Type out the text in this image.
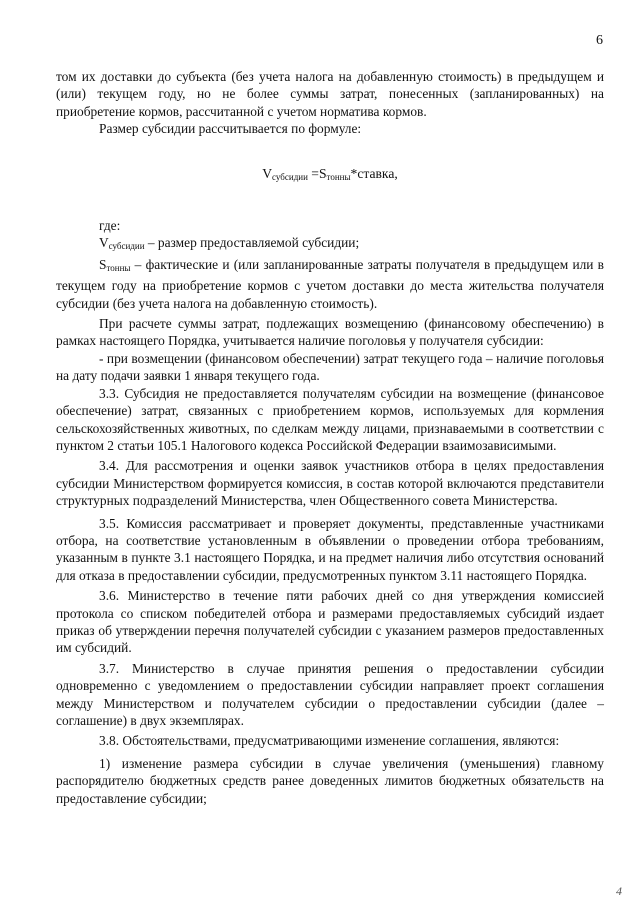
6

том их доставки до субъекта (без учета налога на добавленную стоимость) в предыдущем и (или) текущем году, но не более суммы затрат, понесенных (запланированных) на приобретение кормов, рассчитанной с учетом норматива кормов.

Размер субсидии рассчитывается по формуле:

$V_{субсидии}$ $=S_{тонны}*ставка$,

где:

$V_{субсидии}$ – размер предоставляемой субсидии;

$S_{тонны}$ – фактические и (или запланированные затраты получателя в предыдущем или в текущем году на приобретение кормов с учетом доставки до места жительства получателя субсидии (без учета налога на добавленную стоимость).

При расчете суммы затрат, подлежащих возмещению (финансовому обеспечению) в рамках настоящего Порядка, учитывается наличие поголовья у получателя субсидии:

- при возмещении (финансовом обеспечении) затрат текущего года – наличие поголовья на дату подачи заявки 1 января текущего года.

3.3. Субсидия не предоставляется получателям субсидии на возмещение (финансовое обеспечение) затрат, связанных с приобретением кормов, используемых для кормления сельскохозяйственных животных, по сделкам между лицами, признаваемыми в соответствии с пунктом 2 статьи 105.1 Налогового кодекса Российской Федерации взаимозависимыми.

3.4. Для рассмотрения и оценки заявок участников отбора в целях предоставления субсидии Министерством формируется комиссия, в состав которой включаются представители структурных подразделений Министерства, член Общественного совета Министерства.

3.5. Комиссия рассматривает и проверяет документы, представленные участниками отбора, на соответствие установленным в объявлении о проведении отбора требованиям, указанным в пункте 3.1 настоящего Порядка, и на предмет наличия либо отсутствия оснований для отказа в предоставлении субсидии, предусмотренных пунктом 3.11 настоящего Порядка.

3.6. Министерство в течение пяти рабочих дней со дня утверждения комиссией протокола со списком победителей отбора и размерами предоставляемых субсидий издает приказ об утверждении перечня получателей субсидии с указанием размеров предоставленных им субсидий.

3.7. Министерство в случае принятия решения о предоставлении субсидии одновременно с уведомлением о предоставлении субсидии направляет проект соглашения между Министерством и получателем субсидии о предоставлении субсидии (далее – соглашение) в двух экземплярах.

3.8. Обстоятельствами, предусматривающими изменение соглашения, являются:

1) изменение размера субсидии в случае увеличения (уменьшения) главному распорядителю бюджетных средств ранее доведенных лимитов бюджетных обязательств на предоставление субсидии;

4
